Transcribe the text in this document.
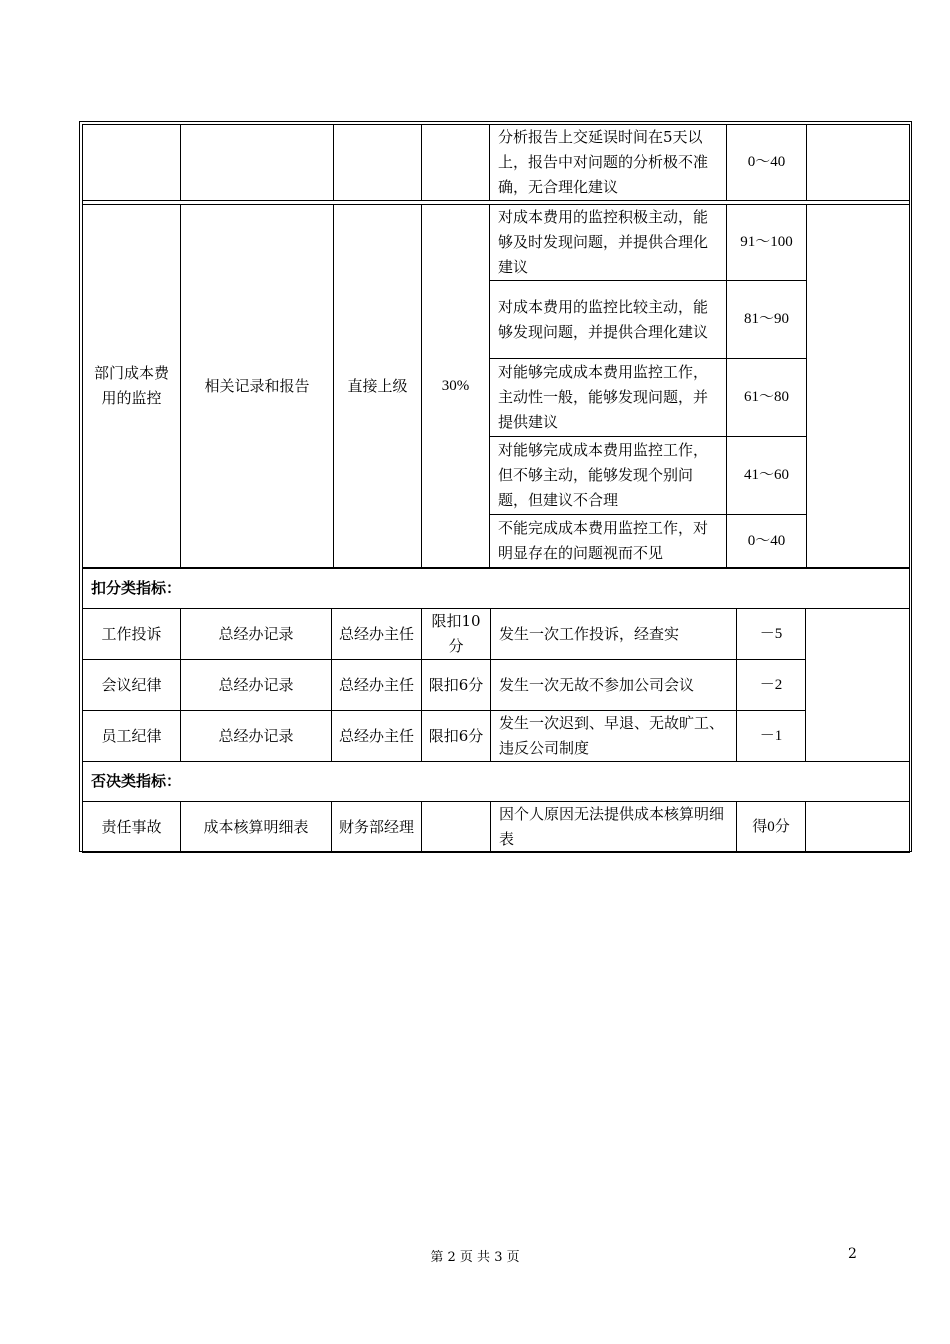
				分析报告上交延误时间在5天以上，报告中对问题的分析极不准确，无合理化建议	0～40	

部门成本费用的监控	相关记录和报告	直接上级	30%	对成本费用的监控积极主动，能够及时发现问题，并提供合理化建议	91～100	
				对成本费用的监控比较主动，能够发现问题，并提供合理化建议	81～90	
				对能够完成成本费用监控工作，主动性一般，能够发现问题，并提供建议	61～80	
				对能够完成成本费用监控工作，但不够主动，能够发现个别问题，但建议不合理	41～60	
				不能完成成本费用监控工作，对明显存在的问题视而不见	0～40	
扣分类指标：						
工作投诉	总经办记录	总经办主任	限扣10分	发生一次工作投诉，经查实	－5	
会议纪律	总经办记录	总经办主任	限扣6分	发生一次无故不参加公司会议	－2	
员工纪律	总经办记录	总经办主任	限扣6分	发生一次迟到、早退、无故旷工、违反公司制度	－1	
否决类指标：						
责任事故	成本核算明细表	财务部经理		因个人原因无法提供成本核算明细表	得0分	
第 2 页 共 3 页	2
